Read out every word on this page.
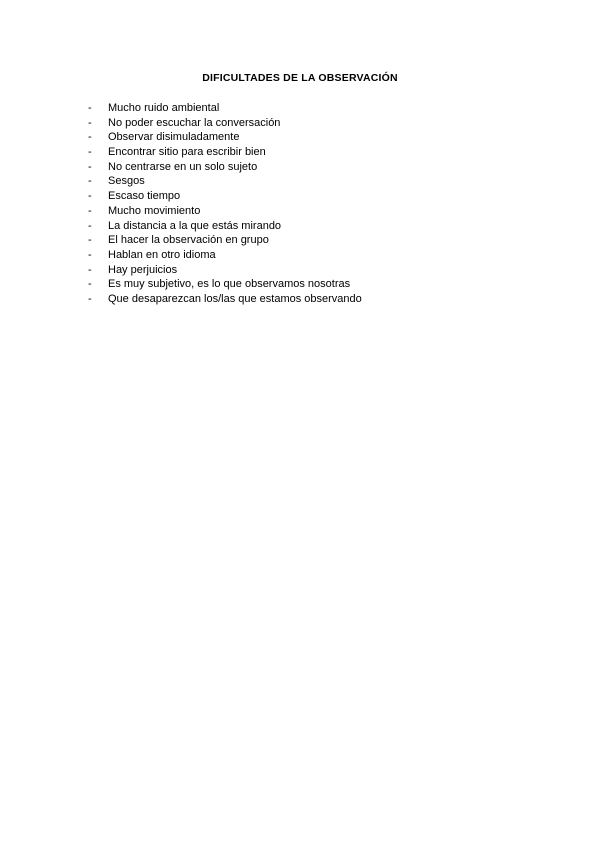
DIFICULTADES DE LA OBSERVACIÓN
-	Mucho ruido ambiental
-	No poder escuchar la conversación
-	Observar disimuladamente
-	Encontrar sitio para escribir bien
-	No centrarse en un solo sujeto
-	Sesgos
-	Escaso tiempo
-	Mucho movimiento
-	La distancia a la que estás mirando
-	El hacer la observación en grupo
-	Hablan en otro idioma
-	Hay perjuicios
-	Es muy subjetivo, es lo que observamos nosotras
-	Que desaparezcan los/las que estamos observando
